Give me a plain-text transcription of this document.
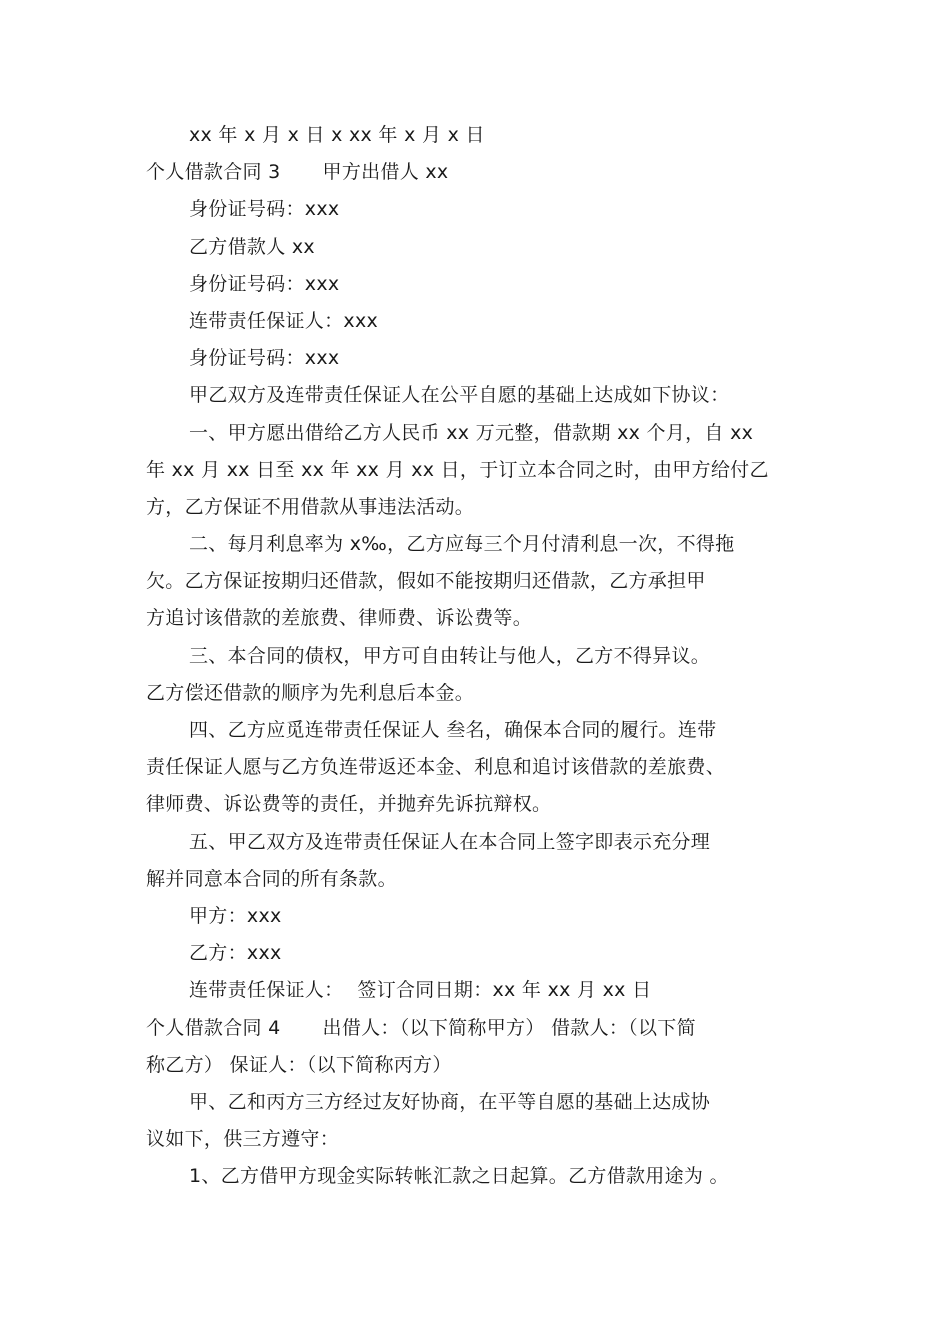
xx 年 x 月 x 日 x xx 年 x 月 x 日
个人借款合同 3 甲方出借人 xx
身份证号码：xxx
乙方借款人 xx
身份证号码：xxx
连带责任保证人：xxx
身份证号码：xxx
甲乙双方及连带责任保证人在公平自愿的基础上达成如下协议：
一、甲方愿出借给乙方人民币 xx 万元整，借款期 xx 个月，自 xx
年 xx 月 xx 日至 xx 年 xx 月 xx 日，于订立本合同之时，由甲方给付乙
方，乙方保证不用借款从事违法活动。
二、每月利息率为 x‰，乙方应每三个月付清利息一次，不得拖
欠。乙方保证按期归还借款，假如不能按期归还借款，乙方承担甲
方追讨该借款的差旅费、律师费、诉讼费等。
三、本合同的债权，甲方可自由转让与他人，乙方不得异议。
乙方偿还借款的顺序为先利息后本金。
四、乙方应觅连带责任保证人 叁名，确保本合同的履行。连带
责任保证人愿与乙方负连带返还本金、利息和追讨该借款的差旅费、
律师费、诉讼费等的责任，并抛弃先诉抗辩权。
五、甲乙双方及连带责任保证人在本合同上签字即表示充分理
解并同意本合同的所有条款。
甲方：xxx
乙方：xxx
连带责任保证人： 签订合同日期：xx 年 xx 月 xx 日
个人借款合同 4 出借人：（以下简称甲方） 借款人：（以下简
称乙方） 保证人：（以下简称丙方）
甲、乙和丙方三方经过友好协商，在平等自愿的基础上达成协
议如下，供三方遵守：
1、乙方借甲方现金实际转帐汇款之日起算。乙方借款用途为 。
